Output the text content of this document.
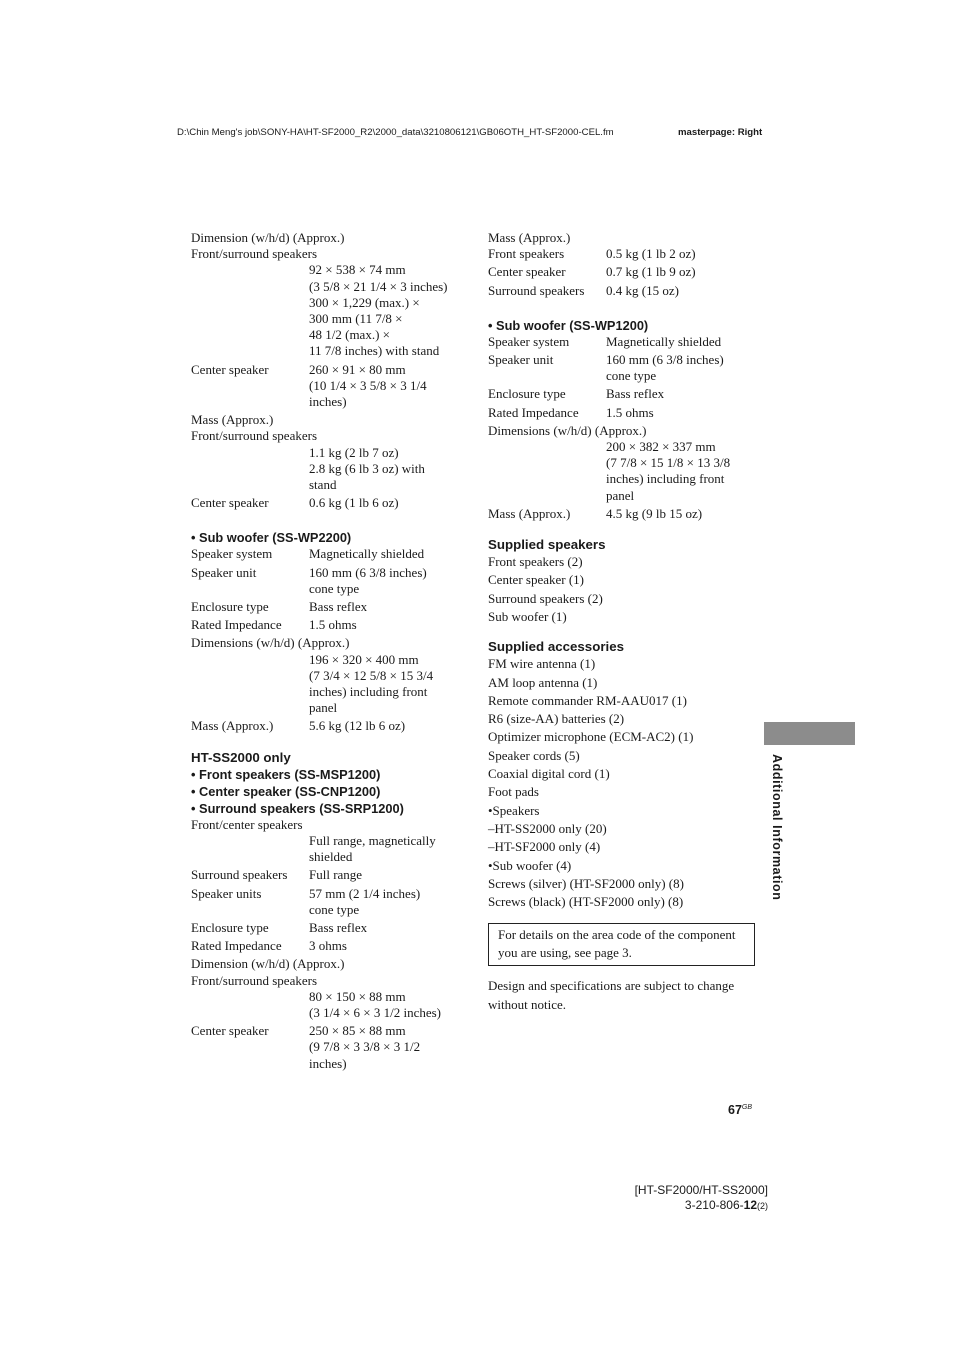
D:\Chin Meng's job\SONY-HA\HT-SF2000_R2\2000_data\3210806121\GB06OTH_HT-SF2000-CEL.fm	masterpage: Right
Dimension (w/h/d) (Approx.)
Front/surround speakers
92 × 538 × 74 mm
(3 5/8 × 21 1/4 × 3 inches)
300 × 1,229 (max.) ×
300 mm (11 7/8 ×
48 1/2 (max.) ×
11 7/8 inches) with stand
Center speaker	260 × 91 × 80 mm
(10 1/4 × 3 5/8 × 3 1/4
inches)
Mass (Approx.)
Front/surround speakers
1.1 kg (2 lb 7 oz)
2.8 kg (6 lb 3 oz) with
stand
Center speaker	0.6 kg (1 lb 6 oz)
• Sub woofer (SS-WP2200)
Speaker system	Magnetically shielded
Speaker unit	160 mm (6 3/8 inches)
cone type
Enclosure type	Bass reflex
Rated Impedance	1.5 ohms
Dimensions (w/h/d) (Approx.)
196 × 320 × 400 mm
(7 3/4 × 12 5/8 × 15 3/4
inches) including front
panel
Mass (Approx.)	5.6 kg (12 lb 6 oz)
HT-SS2000 only
• Front speakers (SS-MSP1200)
• Center speaker (SS-CNP1200)
• Surround speakers (SS-SRP1200)
Front/center speakers
Full range, magnetically
shielded
Surround speakers	Full range
Speaker units	57 mm (2 1/4 inches)
cone type
Enclosure type	Bass reflex
Rated Impedance	3 ohms
Dimension (w/h/d) (Approx.)
Front/surround speakers
80 × 150 × 88 mm
(3 1/4 × 6 × 3 1/2 inches)
Center speaker	250 × 85 × 88 mm
(9 7/8 × 3 3/8 × 3 1/2
inches)
Mass (Approx.)
Front speakers	0.5 kg (1 lb 2 oz)
Center speaker	0.7 kg (1 lb 9 oz)
Surround speakers	0.4 kg (15 oz)
• Sub woofer (SS-WP1200)
Speaker system	Magnetically shielded
Speaker unit	160 mm (6 3/8 inches)
cone type
Enclosure type	Bass reflex
Rated Impedance	1.5 ohms
Dimensions (w/h/d) (Approx.)
200 × 382 × 337 mm
(7 7/8 × 15 1/8 × 13 3/8
inches) including front
panel
Mass (Approx.)	4.5 kg (9 lb 15 oz)
Supplied speakers
Front speakers (2)
Center speaker (1)
Surround speakers (2)
Sub woofer (1)
Supplied accessories
FM wire antenna (1)
AM loop antenna (1)
Remote commander RM-AAU017 (1)
R6 (size-AA) batteries (2)
Optimizer microphone (ECM-AC2) (1)
Speaker cords (5)
Coaxial digital cord (1)
Foot pads
•Speakers
–HT-SS2000 only (20)
–HT-SF2000 only (4)
•Sub woofer (4)
Screws (silver) (HT-SF2000 only) (8)
Screws (black) (HT-SF2000 only) (8)
For details on the area code of the component you are using, see page 3.
Design and specifications are subject to change without notice.
Additional Information
$67^{GB}$
[HT-SF2000/HT-SS2000]
3-210-806-12(2)
